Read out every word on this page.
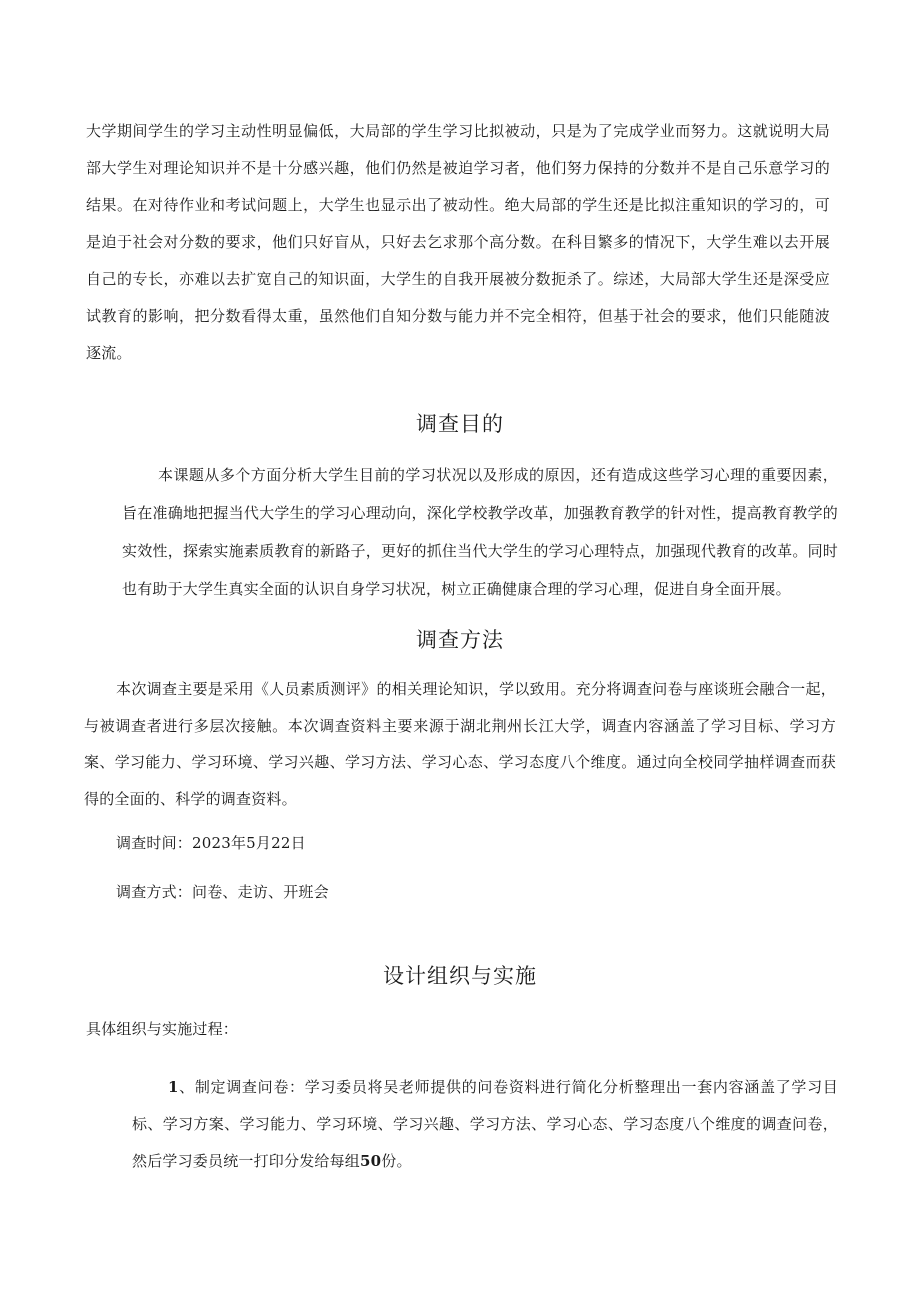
大学期间学生的学习主动性明显偏低，大局部的学生学习比拟被动，只是为了完成学业而努力。这就说明大局部大学生对理论知识并不是十分感兴趣，他们仍然是被迫学习者，他们努力保持的分数并不是自己乐意学习的结果。在对待作业和考试问题上，大学生也显示出了被动性。绝大局部的学生还是比拟注重知识的学习的，可是迫于社会对分数的要求，他们只好盲从，只好去乞求那个高分数。在科目繁多的情况下，大学生难以去开展自己的专长，亦难以去扩宽自己的知识面，大学生的自我开展被分数扼杀了。综述，大局部大学生还是深受应试教育的影响，把分数看得太重，虽然他们自知分数与能力并不完全相符，但基于社会的要求，他们只能随波逐流。

调查目的

本课题从多个方面分析大学生目前的学习状况以及形成的原因，还有造成这些学习心理的重要因素，旨在准确地把握当代大学生的学习心理动向，深化学校教学改革，加强教育教学的针对性，提高教育教学的实效性，探索实施素质教育的新路子，更好的抓住当代大学生的学习心理特点，加强现代教育的改革。同时也有助于大学生真实全面的认识自身学习状况，树立正确健康合理的学习心理，促进自身全面开展。

调查方法

本次调查主要是采用《人员素质测评》的相关理论知识，学以致用。充分将调查问卷与座谈班会融合一起，与被调查者进行多层次接触。本次调查资料主要来源于湖北荆州长江大学，调查内容涵盖了学习目标、学习方案、学习能力、学习环境、学习兴趣、学习方法、学习心态、学习态度八个维度。通过向全校同学抽样调查而获得的全面的、科学的调查资料。

调查时间：2023年5月22日

调查方式：问卷、走访、开班会

设计组织与实施

具体组织与实施过程：

1、制定调查问卷：学习委员将吴老师提供的问卷资料进行简化分析整理出一套内容涵盖了学习目标、学习方案、学习能力、学习环境、学习兴趣、学习方法、学习心态、学习态度八个维度的调查问卷，然后学习委员统一打印分发给每组50份。
